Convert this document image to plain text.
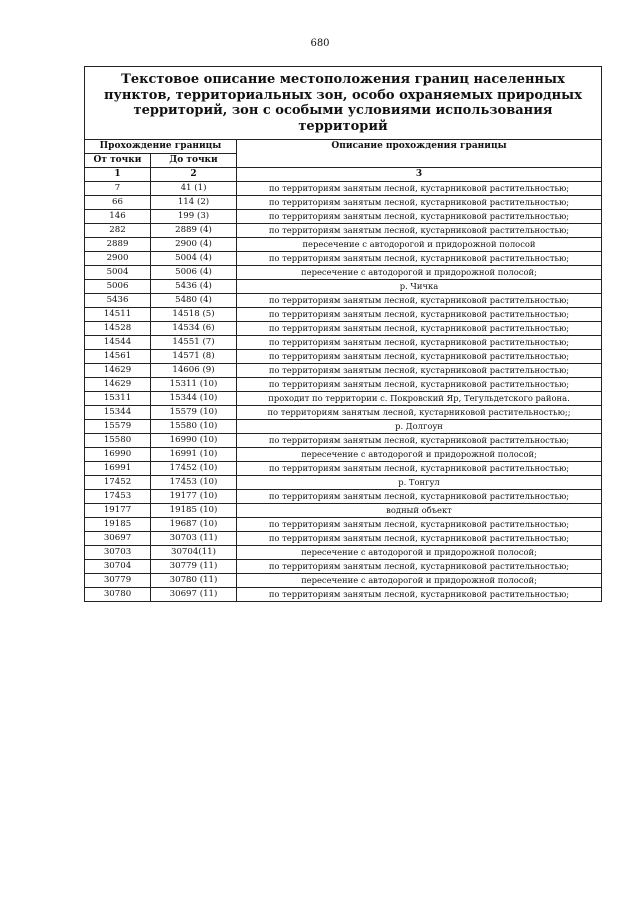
680
Текстовое описание местоположения границ населенных пунктов, территориальных зон, особо охраняемых природных территорий, зон с особыми условиями использования территорий		
Прохождение границы		Описание прохождения границы
От точки	До точки	
1	2	3
7	41 (1)	по территориям занятым лесной, кустарниковой растительностью;
66	114 (2)	по территориям занятым лесной, кустарниковой растительностью;
146	199 (3)	по территориям занятым лесной, кустарниковой растительностью;
282	2889 (4)	по территориям занятым лесной, кустарниковой растительностью;
2889	2900 (4)	пересечение с автодорогой и придорожной полосой
2900	5004 (4)	по территориям занятым лесной, кустарниковой растительностью;
5004	5006 (4)	пересечение с автодорогой и придорожной полосой;
5006	5436 (4)	р. Чичка
5436	5480 (4)	по территориям занятым лесной, кустарниковой растительностью;
14511	14518 (5)	по территориям занятым лесной, кустарниковой растительностью;
14528	14534 (6)	по территориям занятым лесной, кустарниковой растительностью;
14544	14551 (7)	по территориям занятым лесной, кустарниковой растительностью;
14561	14571 (8)	по территориям занятым лесной, кустарниковой растительностью;
14629	14606 (9)	по территориям занятым лесной, кустарниковой растительностью;
14629	15311 (10)	по территориям занятым лесной, кустарниковой растительностью;
15311	15344 (10)	проходит по территории с. Покровский Яр, Тегульдетского района.
15344	15579 (10)	по территориям занятым лесной, кустарниковой растительностью;;
15579	15580 (10)	р. Долгоун
15580	16990 (10)	по территориям занятым лесной, кустарниковой растительностью;
16990	16991 (10)	пересечение с автодорогой и придорожной полосой;
16991	17452 (10)	по территориям занятым лесной, кустарниковой растительностью;
17452	17453 (10)	р. Тонгул
17453	19177 (10)	по территориям занятым лесной, кустарниковой растительностью;
19177	19185 (10)	водный объект
19185	19687 (10)	по территориям занятым лесной, кустарниковой растительностью;
30697	30703 (11)	по территориям занятым лесной, кустарниковой растительностью;
30703	30704(11)	пересечение с автодорогой и придорожной полосой;
30704	30779 (11)	по территориям занятым лесной, кустарниковой растительностью;
30779	30780 (11)	пересечение с автодорогой и придорожной полосой;
30780	30697 (11)	по территориям занятым лесной, кустарниковой растительностью;
